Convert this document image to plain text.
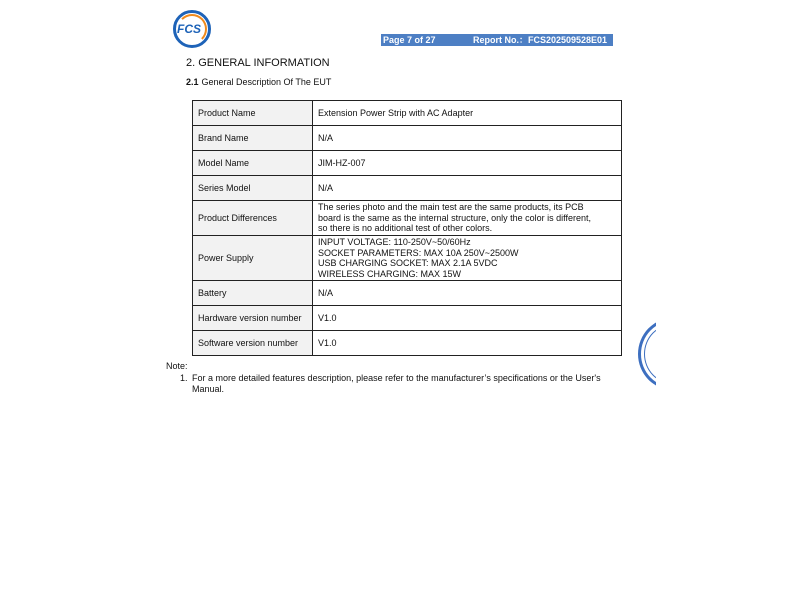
FCS
Page 7 of 27	Report No.：FCS202509528E01
2. GENERAL INFORMATION
2.1 General Description Of The EUT
Product Name	Extension Power Strip with AC Adapter

Brand Name	N/A

Model Name	JIM-HZ-007

Series Model	N/A

Product Differences	The series photo and the main test are the same products, its PCB
board is the same as the internal structure, only the color is different,
so there is no additional test of other colors.

Power Supply	INPUT VOLTAGE: 110-250V~50/60Hz
SOCKET PARAMETERS: MAX 10A 250V~2500W
USB CHARGING SOCKET: MAX 2.1A 5VDC
WIRELESS CHARGING: MAX 15W

Battery	N/A

Hardware version number	V1.0

Software version number	V1.0
Note:
1. For a more detailed features description, please refer to the manufacturer’s specifications or the User's
Manual.
